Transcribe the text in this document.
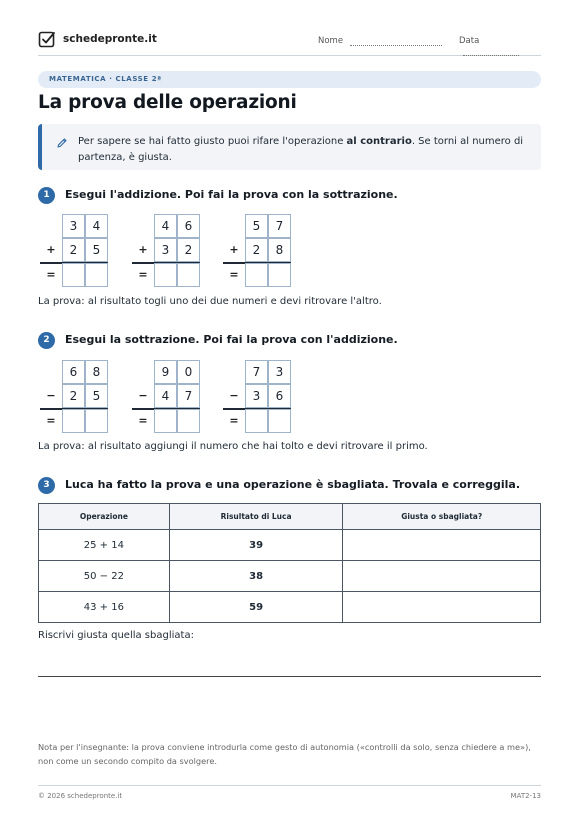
schedepronte.it	Nome	Data
MATEMATICA · CLASSE 2ª
La prova delle operazioni
Per sapere se hai fatto giusto puoi rifare l'operazione al contrario. Se torni al numero di partenza, è giusta.
1	Esegui l'addizione. Poi fai la prova con la sottrazione.
3	4
+	2	5
=
4	6
+	3	2
=
5	7
+	2	8
=
La prova: al risultato togli uno dei due numeri e devi ritrovare l'altro.
2	Esegui la sottrazione. Poi fai la prova con l'addizione.
6	8
−	2	5
=
9	0
−	4	7
=
7	3
−	3	6
=
La prova: al risultato aggiungi il numero che hai tolto e devi ritrovare il primo.
3	Luca ha fatto la prova e una operazione è sbagliata. Trovala e correggila.
Operazione	Risultato di Luca	Giusta o sbagliata?
25 + 14	39	
50 − 22	38	
43 + 16	59	
Riscrivi giusta quella sbagliata:
Nota per l'insegnante: la prova conviene introdurla come gesto di autonomia («controlli da solo, senza chiedere a me»), non come un secondo compito da svolgere.
© 2026 schedepronte.it	MAT2-13
